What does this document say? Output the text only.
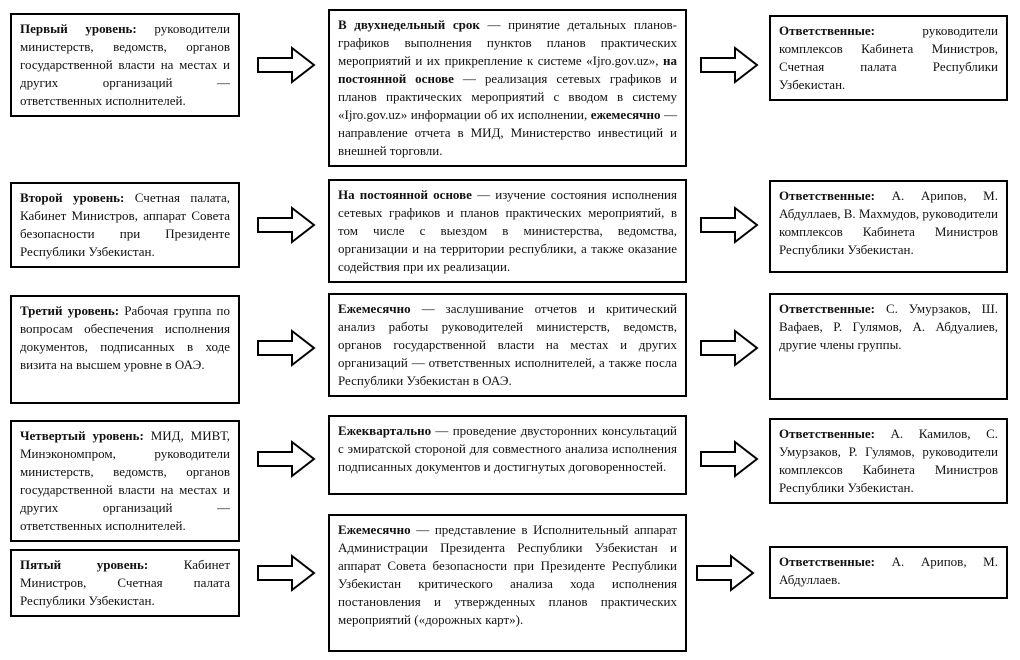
Первый уровень: руководители министерств, ведомств, органов государственной власти на местах и других организаций — ответственных исполнителей.
В двухнедельный срок — принятие детальных планов-графиков выполнения пунктов планов практических мероприятий и их прикрепление к системе «Ijro.gov.uz», на постоянной основе — реализация сетевых графиков и планов практических мероприятий с вводом в систему «Ijro.gov.uz» информации об их исполнении, ежемесячно — направление отчета в МИД, Министерство инвестиций и внешней торговли.
Ответственные: руководители комплексов Кабинета Министров, Счетная палата Республики Узбекистан.
Второй уровень: Счетная палата, Кабинет Министров, аппарат Совета безопасности при Президенте Республики Узбекистан.
На постоянной основе — изучение состояния исполнения сетевых графиков и планов практических мероприятий, в том числе с выездом в министерства, ведомства, организации и на территории республики, а также оказание содействия при их реализации.
Ответственные: А. Арипов, М. Абдуллаев, В. Махмудов, руководители комплексов Кабинета Министров Республики Узбекистан.
Третий уровень: Рабочая группа по вопросам обеспечения исполнения документов, подписанных в ходе визита на высшем уровне в ОАЭ.
Ежемесячно — заслушивание отчетов и критический анализ работы руководителей министерств, ведомств, органов государственной власти на местах и других организаций — ответственных исполнителей, а также посла Республики Узбекистан в ОАЭ.
Ответственные: С. Умурзаков, Ш. Вафаев, Р. Гулямов, А. Абдуалиев, другие члены группы.
Четвертый уровень: МИД, МИВТ, Минэкономпром, руководители министерств, ведомств, органов государственной власти на местах и других организаций — ответственных исполнителей.
Ежеквартально — проведение двусторонних консультаций с эмиратской стороной для совместного анализа исполнения подписанных документов и достигнутых договоренностей.
Ответственные: А. Камилов, С. Умурзаков, Р. Гулямов, руководители комплексов Кабинета Министров Республики Узбекистан.
Пятый уровень: Кабинет Министров, Счетная палата Республики Узбекистан.
Ежемесячно — представление в Исполнительный аппарат Администрации Президента Республики Узбекистан и аппарат Совета безопасности при Президенте Республики Узбекистан критического анализа хода исполнения постановления и утвержденных планов практических мероприятий («дорожных карт»).
Ответственные: А. Арипов, М. Абдуллаев.
